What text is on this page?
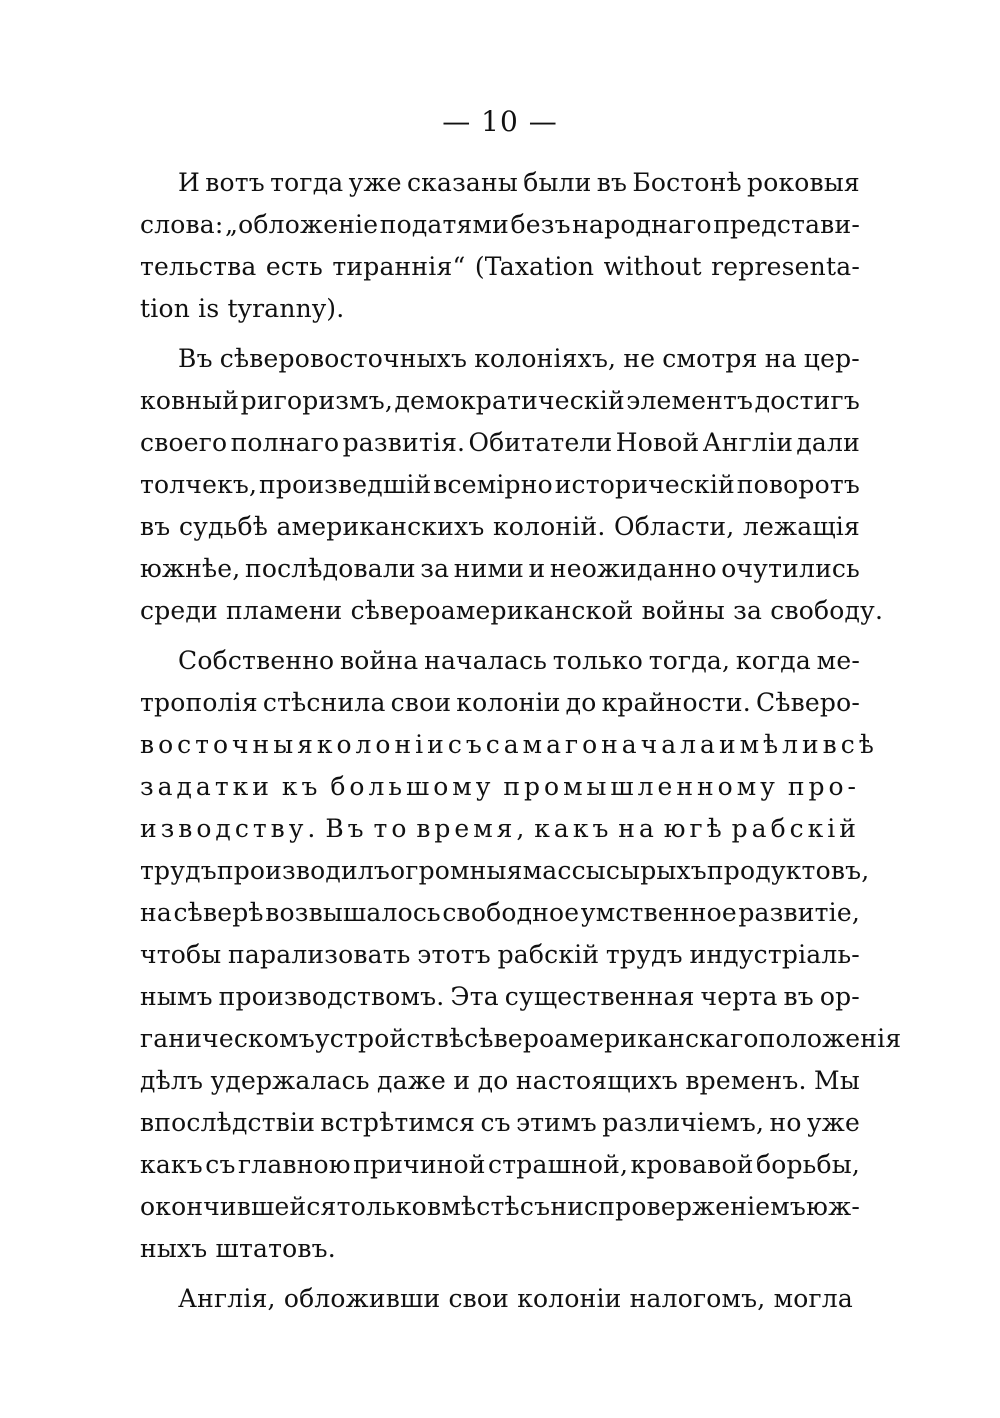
— 10 —
И вотъ тогда уже сказаны были въ Бостонѣ роковыя
слова: „обложеніе податями безъ народнаго представи-
тельства есть тираннія“ (Taxation without rерresenta-
tion is tyranny).
Въ сѣверовосточныхъ колоніяхъ, не смотря на цер-
ковный ригоризмъ, демократическій элементъ достигъ
своего полнаго развитія. Обитатели Новой Англіи дали
толчекъ, произведшій всемірно историческій поворотъ
въ судьбѣ американскихъ колоній. Области, лежащія
южнѣе, послѣдовали за ними и неожиданно очутились
среди пламени сѣвероамериканской войны за свободу.
Собственно война началась только тогда, когда ме-
трополія стѣснила свои колоніи до крайности. Сѣверо-
восточныя колоніи съ самаго начала имѣли всѣ
задатки къ большому промышленному про-
изводству. Въ то время, какъ на югѣ рабскій
трудъ производилъ огромныя массы сырыхъ продуктовъ,
на сѣверѣ возвышалось свободное умственное развитіе,
чтобы парализовать этотъ рабскій трудъ индустріаль-
нымъ производствомъ. Эта существенная черта въ ор-
ганическомъ устройствѣ сѣвероамериканскаго положенія
дѣлъ удержалась даже и до настоящихъ временъ. Мы
впослѣдствіи встрѣтимся съ этимъ различіемъ, но уже
какъ съ главною причиной страшной, кровавой борьбы,
окончившейся только вмѣстѣ съ ниспроверженіемъ юж-
ныхъ штатовъ.
Англія, обложивши свои колоніи налогомъ, могла
